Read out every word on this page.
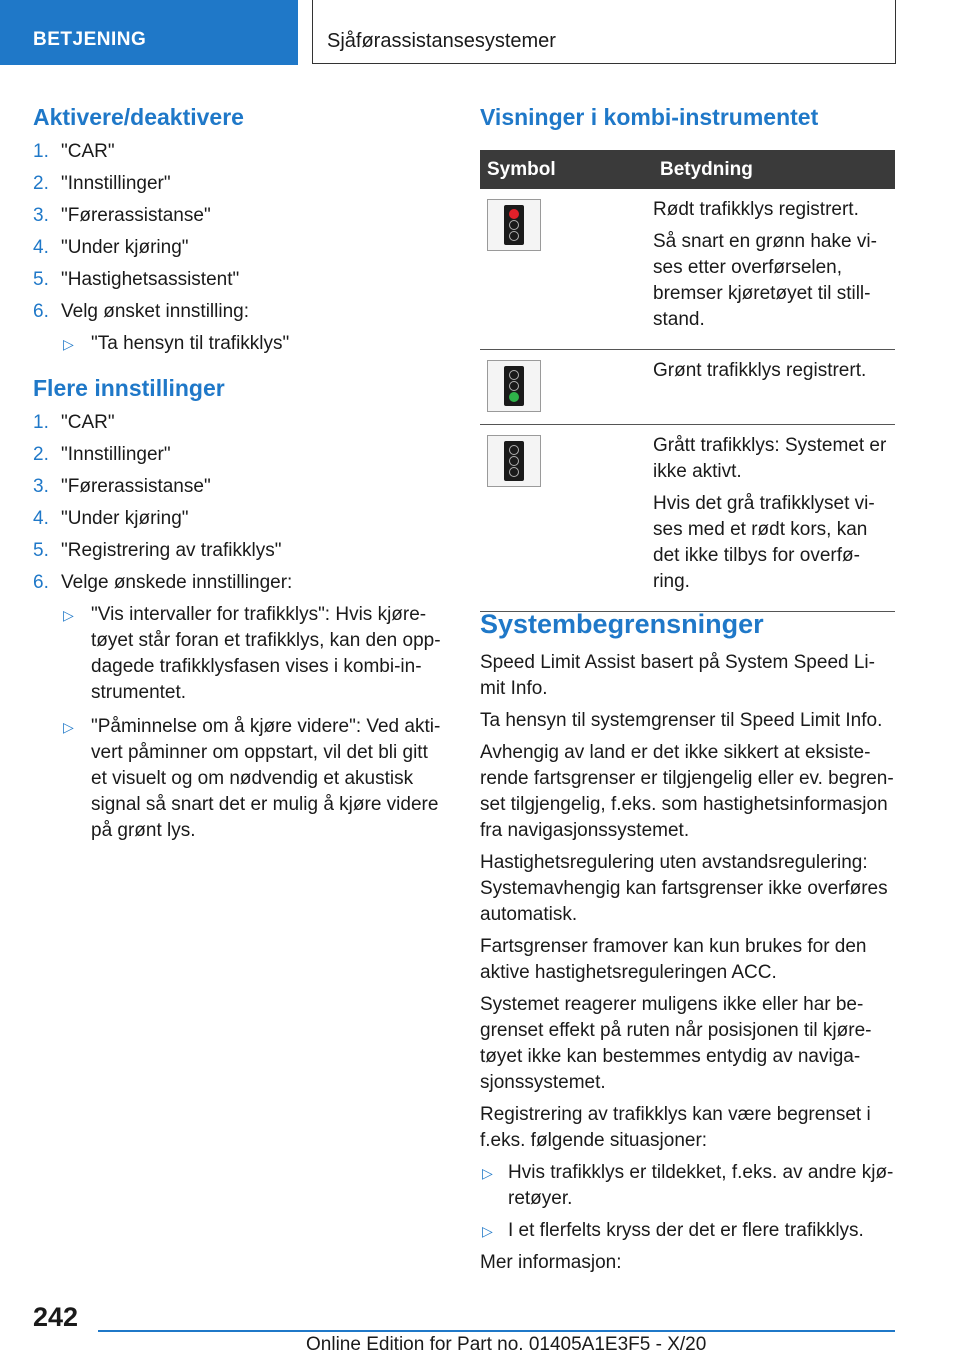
BETJENING	Sjåførassistansesystemer
Aktivere/deaktivere
1. "CAR"
2. "Innstillinger"
3. "Førerassistanse"
4. "Under kjøring"
5. "Hastighetsassistent"
6. Velg ønsket innstilling:
▷ "Ta hensyn til trafikklys"
Flere innstillinger
1. "CAR"
2. "Innstillinger"
3. "Førerassistanse"
4. "Under kjøring"
5. "Registrering av trafikklys"
6. Velge ønskede innstillinger:
▷ "Vis intervaller for trafikklys": Hvis kjøre-tøyet står foran et trafikklys, kan den opp-dagede trafikklysfasen vises i kombi-in-strumentet.
▷ "Påminnelse om å kjøre videre": Ved akti-vert påminner om oppstart, vil det bli gitt et visuelt og om nødvendig et akustisk signal så snart det er mulig å kjøre videre på grønt lys.
Visninger i kombi-instrumentet
Symbol	Betydning

	Rødt trafikklys registrert.

Så snart en grønn hake vi-ses etter overførselen, bremser kjøretøyet til still-stand.

	Grønt trafikklys registrert.

	Grått trafikklys: Systemet er ikke aktivt.

Hvis det grå trafikklyset vi-ses med et rødt kors, kan det ikke tilbys for overfø-ring.

Systembegrensninger

Speed Limit Assist basert på System Speed Li-mit Info.

Ta hensyn til systemgrenser til Speed Limit Info.

Avhengig av land er det ikke sikkert at eksiste-rende fartsgrenser er tilgjengelig eller ev. begren-set tilgjengelig, f.eks. som hastighetsinformasjon fra navigasjonssystemet.

Hastighetsregulering uten avstandsregulering: Systemavhengig kan fartsgrenser ikke overføres automatisk.

Fartsgrenser framover kan kun brukes for den aktive hastighetsreguleringen ACC.

Systemet reagerer muligens ikke eller har be-grenset effekt på ruten når posisjonen til kjøre-tøyet ikke kan bestemmes entydig av naviga-sjonssystemet.

Registrering av trafikklys kan være begrenset i f.eks. følgende situasjoner:

▷ Hvis trafikklys er tildekket, f.eks. av andre kjø-retøyer.
▷ I et flerfelts kryss der det er flere trafikklys.

Mer informasjon:

242
Online Edition for Part no. 01405A1E3F5 - X/20
